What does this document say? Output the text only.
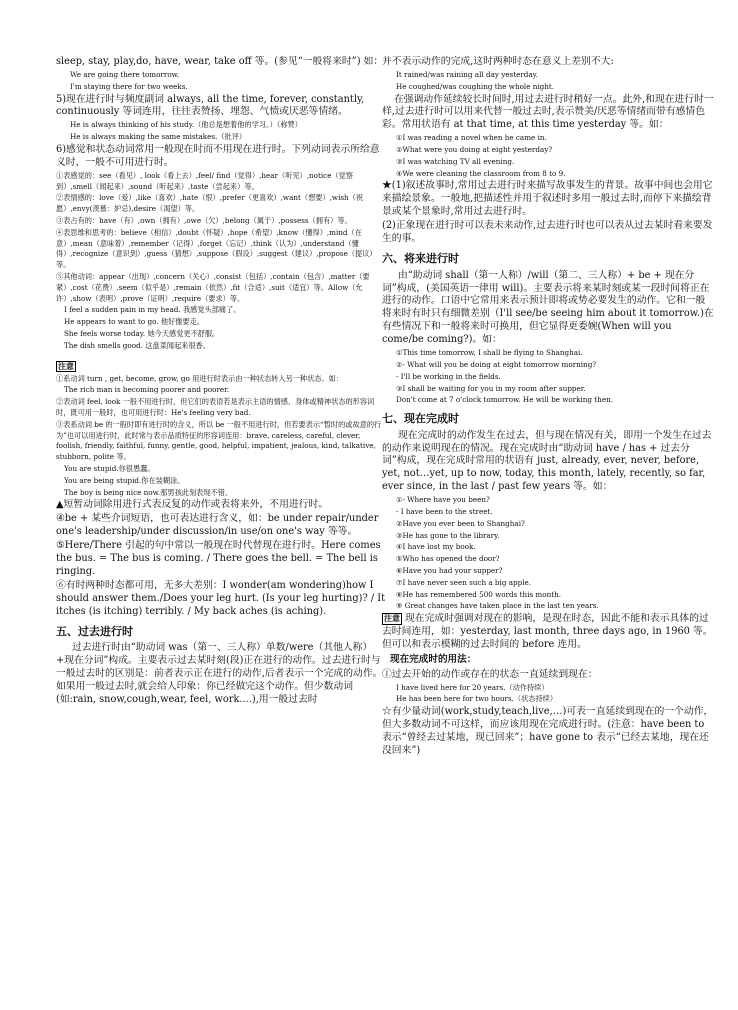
sleep, stay, play,do, have, wear, take off 等。(参见“一般将来时”) 如：

We are going there tomorrow.

I'm staying there for two weeks.

5)现在进行时与频度副词 always, all the time, forever, constantly, continuously 等词连用，往往表赞扬、埋怨、气愤或厌恶等情绪。

He is always thinking of his study.（他总是想着他的学习。）（称赞）

He is always making the same mistakes.（批评）

6)感觉和状态动词常用一般现在时而不用现在进行时。下列动词表示所给意义时，一般不可用进行时。

①表感觉的：see（看见）, look（看上去）,feel/ find（觉得）,hear（听见）,notice（觉察到）,smell（闻起来）,sound（听起来）,taste（尝起来）等。

②表情感的：love（爱）,like（喜欢）,hate（恨）,prefer（更喜欢）,want（想要）,wish（祝愿）,envy(羡慕：妒忌),desire（渴望）等。

③表占有的：have（有）,own（拥有）,owe（欠）,belong（属于）,possess（拥有）等。

④表思维和思考的：believe（相信）,doubt（怀疑）,hope（希望）,know（懂得）,mind（在意）,mean（意味着）,remember（记得）,forget（忘记）,think（认为）,understand（懂得）,recognize（意识到）,guess（猜想）,suppose（假设）,suggest（建议）,propose（提议）等。

⑤其他动词：appear（出现）,concern（关心）,consist（包括）,contain（包含）,matter（要紧）,cost（花费）,seem（似乎是）,remain（依然）,fit（合适）,suit（适宜）等。Allow（允许）,show（表明）,prove（证明）,require（要求）等。

I feel a sudden pain in my head. 我感觉头部痛了。

He appears to want to go. 他好像要走。

She feels worse today. 她今天感觉更不舒服。

The dish smells good. 这盘菜闻起来很香。

注意

①系动词 turn , get, become, grow, go 用进行时表示由一种状态转入另一种状态。如：

The rich man is becoming poorer and poorer.

②表动词 feel, look 一般不用进行时，但它们的表语若是表示主语的情感、身体或精神状态的形容词时，既可用一般时，也可用进行时：He's feeling very bad.

③表系动词 be 的一般时即有进行时的含义，所以 be 一般不用进行时，但若要表示“暂时的或故意的行为”也可以用进行时，此时常与表示品质特征的形容词连用：brave, careless, careful, clever, foolish, friendly, faithful, funny, gentle, good, helpful, impatient, jealous, kind, talkative, stubborn, polite 等。

You are stupid.你很愚蠢。

You are being stupid.你在装糊涂。

The boy is being nice now.那男孩此刻表现不错。

▲短暂动词除用进行式表反复的动作或表将来外，不用进行时。

④be + 某些介词短语，也可表达进行含义，如：be under repair/under one's leadership/under discussion/in use/on one's way 等等。

⑤Here/There 引起的句中常以一般现在时代替现在进行时。Here comes the bus. = The bus is coming. / There goes the bell. = The bell is ringing.

⑥有时两种时态都可用，无多大差别：I wonder(am wondering)how I should answer them./Does your leg hurt. (Is your leg hurting)? / It itches (is itching) terribly. / My back aches (is aching).

五、过去进行时

过去进行时由“助动词 was（第一、三人称）单数/were（其他人称）+现在分词”构成。主要表示过去某时刻(段)正在进行的动作。过去进行时与一般过去时的区别是：前者表示正在进行的动作,后者表示一个完成的动作。如果用一般过去时,就会给人印象：你已经做完这个动作。但少数动词(如:rain, snow,cough,wear, feel, work....),用一般过去时

并不表示动作的完成,这时两种时态在意义上差别不大:

It rained/was raining all day yesterday.

He coughed/was coughing the whole night.

在强调动作延续较长时间时,用过去进行时稍好一点。此外,和现在进行时一样,过去进行时可以用来代替一般过去时,表示赞美/厌恶等情绪而带有感情色彩。常用状语有 at that time, at this time yesterday 等。如：

①I was reading a novel when he came in.

②What were you doing at eight yesterday?

③I was watching TV all evening.

④We were cleaning the classroom from 8 to 9.

★(1)叙述故事时,常用过去进行时来描写故事发生的背景。故事中间也会用它来描绘景象。一般地,把描述性并用于叙述时多用一般过去时,而停下来描绘背景或某个景象时,常用过去进行时。

(2)正象现在进行时可以表未来动作,过去进行时也可以表从过去某时看来要发生的事。

六、将来进行时

由“助动词 shall（第一人称）/will（第二、三人称）+ be + 现在分词”构成，(美国英语一律用 will)。主要表示将来某时刻或某一段时间将正在进行的动作。口语中它常用来表示预计即将或势必要发生的动作。它和一般将来时有时只有细微差别（I'll see/be seeing him about it tomorrow.)在有些情况下和一般将来时可换用，但它显得更委婉(When will you come/be coming?)。如：

①This time tomorrow, I shall be flying to Shanghai.

②- What will you be doing at eight tomorrow morning?

- I'll be working in the fields.

③I shall be waiting for you in my room after supper.

Don't come at 7 o'clock tomorrow. He will be working then.

七、现在完成时

现在完成时的动作发生在过去，但与现在情况有关，即用一个发生在过去的动作来说明现在的情况。现在完成时由“助动词 have / has + 过去分词”构成，现在完成时常用的状语有 just, already, ever, never, before, yet, not…yet, up to now, today, this month, lately, recently, so far, ever since, in the last / past few years 等。如：

①- Where have you been?

- I have been to the street.

②Have you ever been to Shanghai?

③He has gone to the library.

④I have lost my book.

⑤Who has opened the door?

⑥Have you had your supper?

⑦I have never seen such a big apple.

⑧He has remembered 500 words this month.

⑨ Great changes have taken place in the last ten years.

注意 现在完成时强调对现在的影响，是现在时态，因此不能和表示具体的过去时间连用，如：yesterday, last month, three days ago, in 1960 等。但可以和表示模糊的过去时间的 before 连用。

现在完成时的用法：

①过去开始的动作或存在的状态一直延续到现在：

I have lived here for 20 years.（动作持续）

He has been here for two hours.（状态持续）

☆有少量动词(work,study,teach,live,…)可表一直延续到现在的一个动作，但大多数动词不可这样，而应该用现在完成进行时。(注意：have been to 表示“曾经去过某地，现已回来”；have gone to 表示“已经去某地，现在还没回来”)
